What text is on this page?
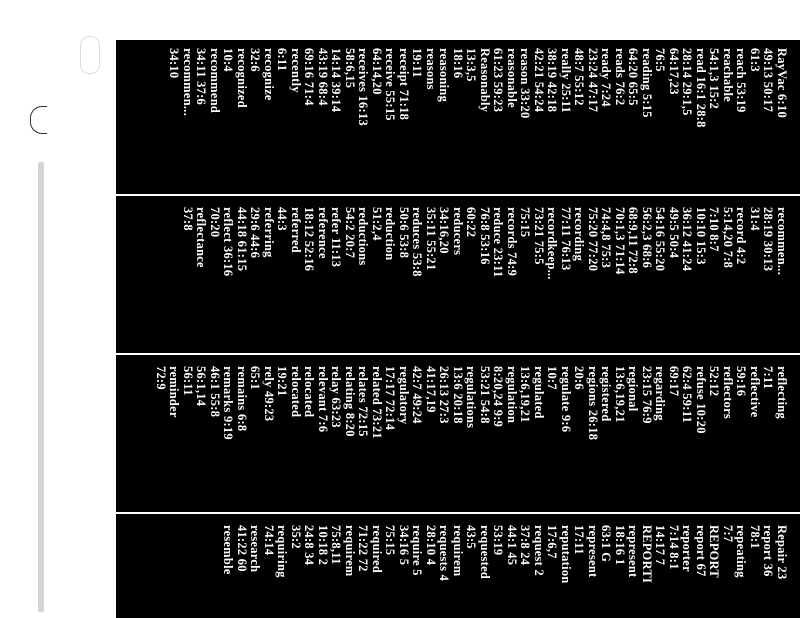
RayVac 6:10
49:13 50:17
61:3
reach 53:19
reachable
54:1,3 15:2
read 16:1 28:8
28:14 29:1,5
64:17,23
76:5
reading 5:15
64:20 65:5
reads 76:2
ready 7:24
23:24 47:17
48:7 55:12
really 25:11
38:19 42:18
42:21 54:24
reason 33:20
reasonable
61:23 59:23
Reasonably
13:3,5
18:16
reasoning
reasons
19:11
receipt 71:18
receive 55:15
64:14,20
receives 16:13
58:6,15
14:14 39:14
43:19 68:4
69:16 71:4
recently
6:11
recognize
32:6
recognized
10:4
recommend
34:11 37:6
recommen...
34:10
recommen...
28:19 30:13
31:4
record 4:2
5:14,20 7:8
7:10 8:7
10:10 15:3
36:12 41:24
49:5 50:4
54:16 55:20
56:2,3 68:6
68:9,11 72:8
70:1,3 71:14
74:4,8 75:3
75:20 77:20
recording
77:11 76:13
recordkeep...
73:21 75:5
75:15
records 74:9
reduce 23:11
76:8 53:16
60:22
reducers
34:16,20
35:11 55:21
reduces 53:8
50:6 53:8
reduction
51:2,4
reductions
54:2 20:7
refer 11:13
reference
18:12 52:16
referred
44:3
referring
29:6 44:6
44:18 61:15
reflect 36:16
70:20
reflectance
37:8
reflecting
7:11
reflective
59:16
reflectors
52:12
refuse 10:20
62:4 59:11
69:17
regarding
23:15 76:9
regional
13:6,19,21
registered
regions 26:18
20:6
regulate 9:6
10:7
regulated
13:6,19,21
regulation
8:20,24 9:9
53:21 54:8
regulations
13:6 20:18
26:13 27:3
41:17,19
42:7 49:24
regulatory
17:17 72:14
related 73:21
relates 72:15
relating 8:20
relay 63:23
relevant 7:6
relocated
relocated
19:21
rely 49:23
65:1
remains 6:8
remarks 9:19
46:1 55:8
56:1,14
56:11
reminder
72:9
Repair 23
report 36
78:1
repeating
7:7
REPORT
report 67
reporter
7:14 8:1
14:17 7
REPORTI
represent
18:16 1
63:1 G
represent
17:11
reputation
17:6,7
request 2
37:8 24
44:1 45
53:19
requested
43:5
requirem
requests 4
28:10 4
require 5
34:16 5
75:15
required
71:22 72
requirem
75:8,11
10:18 2
24:8 34
35:2
requiring
74:14
research
41:22 60
resemble
